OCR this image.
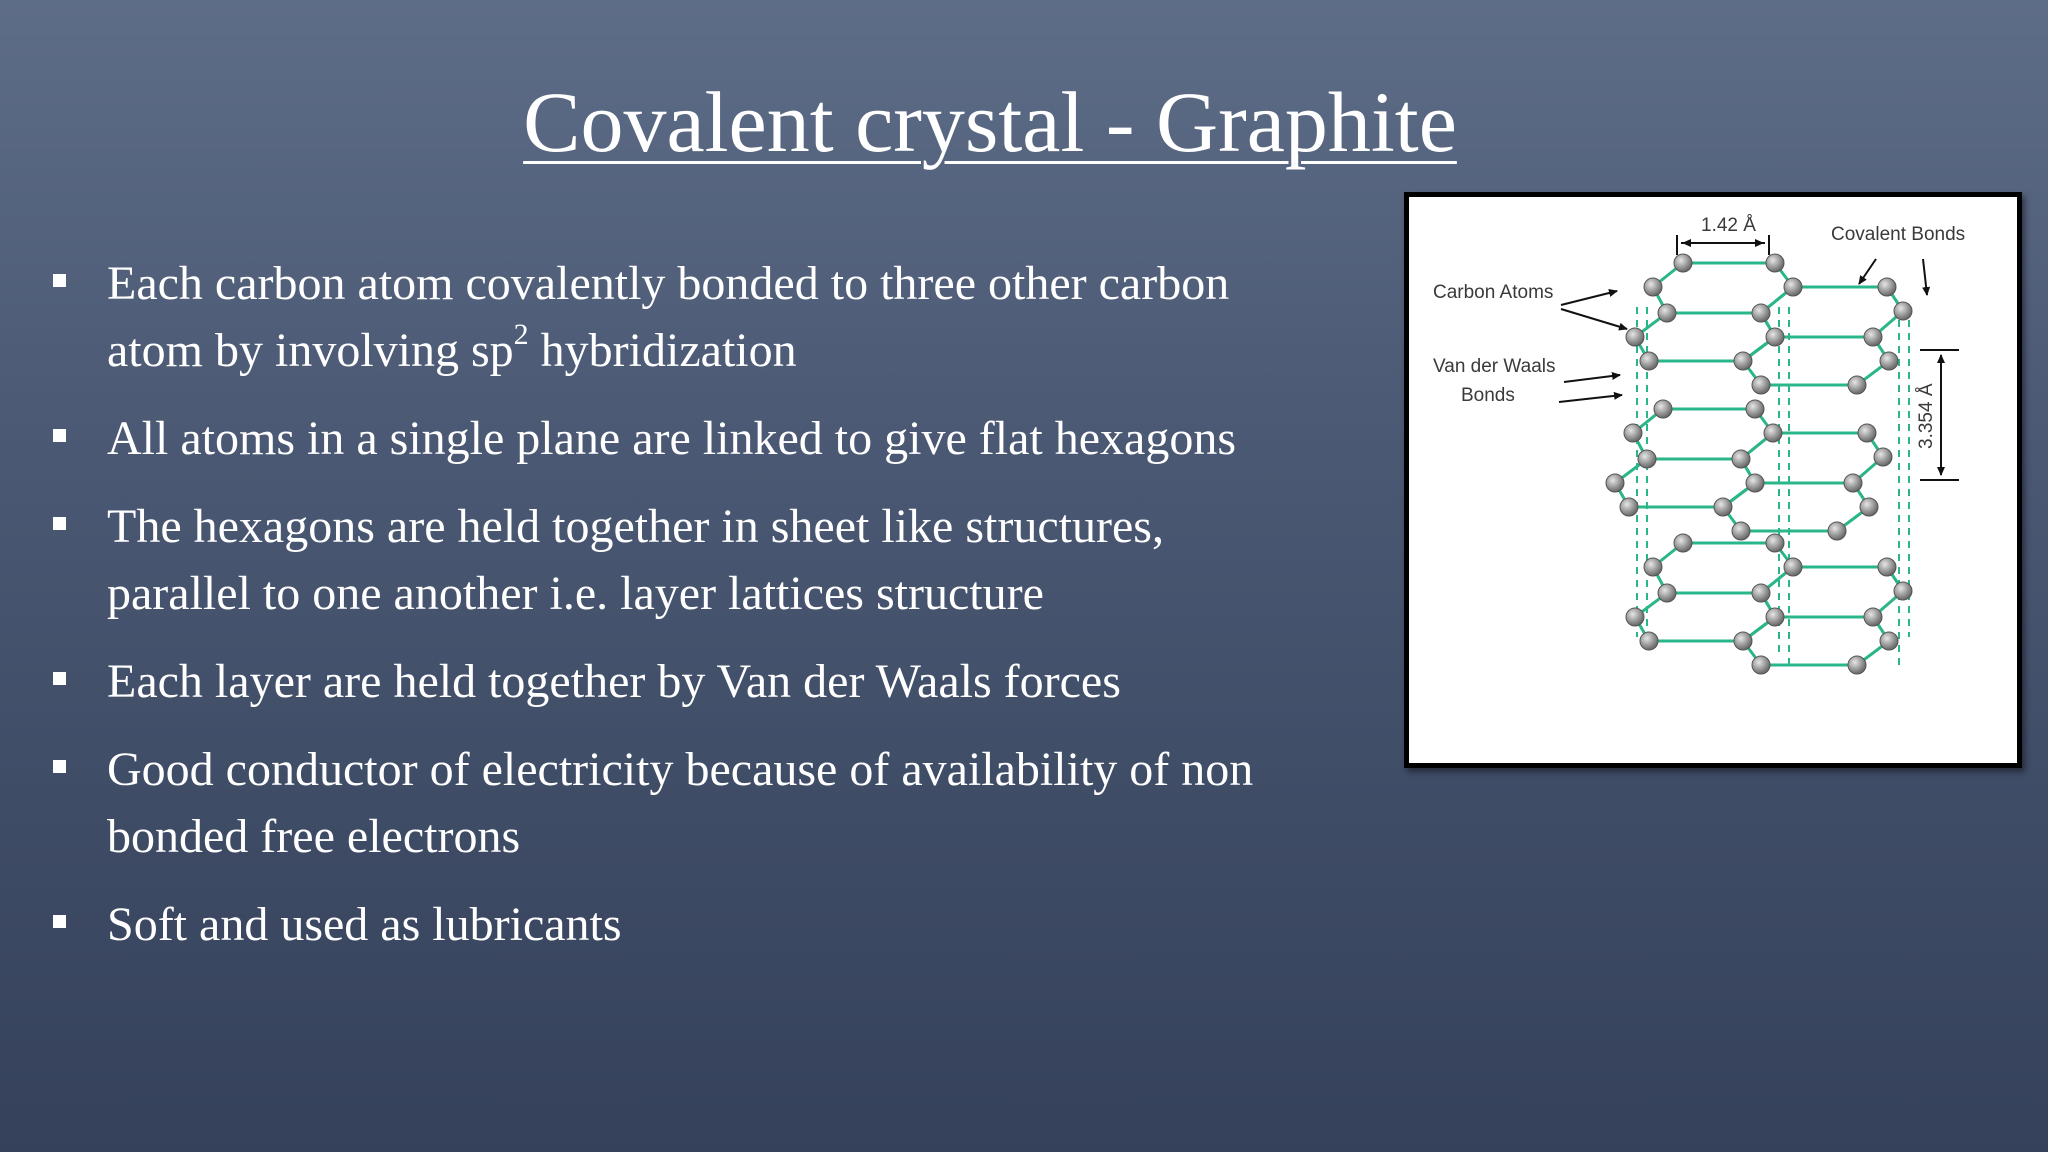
Covalent crystal - Graphite
Each carbon atom covalently bonded to three other carbon
atom by involving $sp^2$ hybridization
All atoms in a single plane are linked to give flat hexagons
The hexagons are held together in sheet like structures,
parallel to one another i.e. layer lattices structure
Each layer are held together by Van der Waals forces
Good conductor of electricity because of availability of non
bonded free electrons
Soft and used as lubricants
1.42 Å	Covalent Bonds
Carbon Atoms
Van der Waals
Bonds	3.354 Å
